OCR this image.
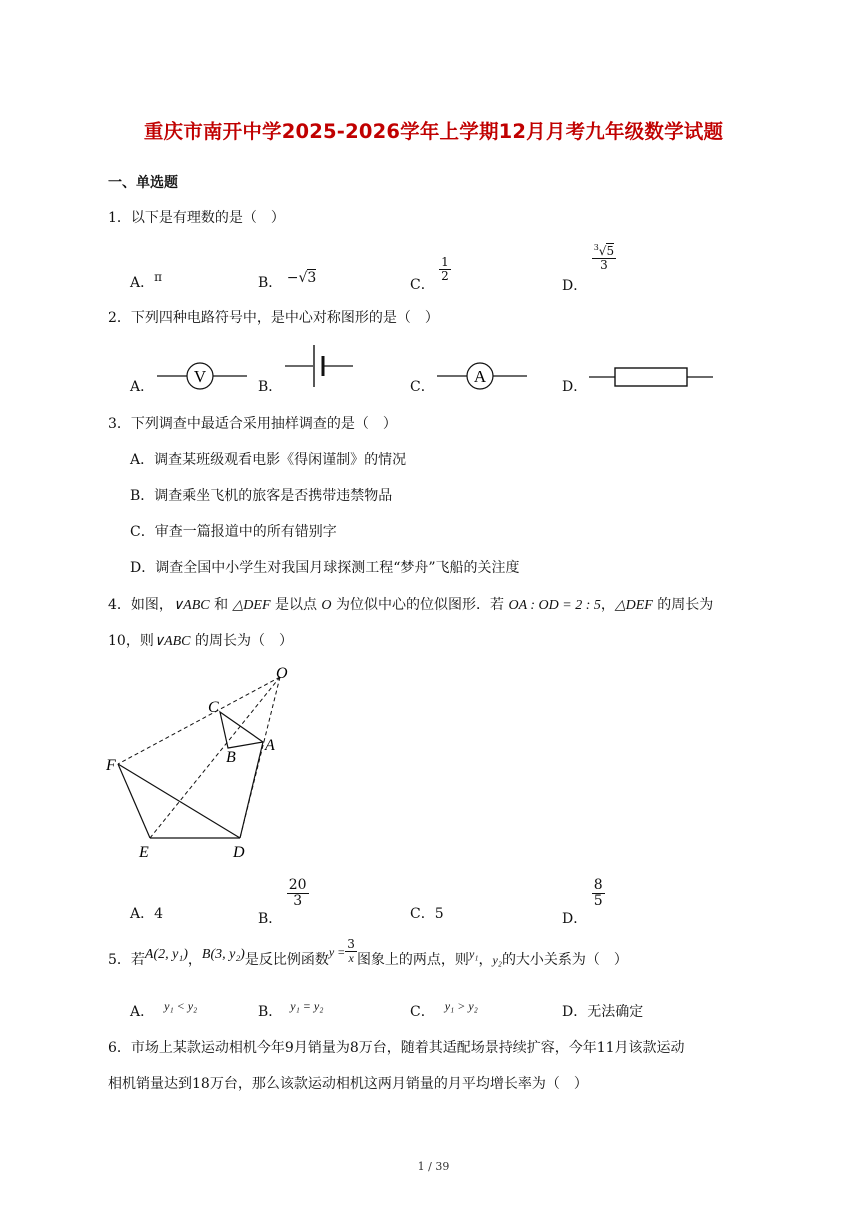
重庆市南开中学2025-2026学年上学期12月月考九年级数学试题
一、单选题
1．以下是有理数的是（　）
A．π	B． −√3	C．
$\frac{1}{2}$
D．
$\frac{^3√5}{3}$
2．下列四种电路符号中，是中心对称图形的是（　）
A．
V
B．	C．
A
D．
3．下列调查中最适合采用抽样调查的是（　）
A．调查某班级观看电影《得闲谨制》的情况
B．调查乘坐飞机的旅客是否携带违禁物品
C．审查一篇报道中的所有错别字
D．调查全国中小学生对我国月球探测工程“梦舟”飞船的关注度
4．如图，∨ABC 和 △DEF 是以点 O 为位似中心的位似图形．若 OA : OD = 2 : 5，△DEF 的周长为
10，则∨ABC 的周长为（　）
O
C
B
A
F
E	D
A．4	B．
$\frac{20}{3}$
C．5	D．
$\frac{8}{5}$
5．若A(2, y₁)，B(3, y₂)是反比例函数$y = \frac{3}{x}$ 图象上的两点，则y₁，y₂的大小关系为（　）
A． y₁ < y₂	B． y₁ = y₂	C． y₁ > y₂	D．无法确定
6．市场上某款运动相机今年9月销量为8万台，随着其适配场景持续扩容，今年11月该款运动
相机销量达到18万台，那么该款运动相机这两月销量的月平均增长率为（　）
1 / 39
